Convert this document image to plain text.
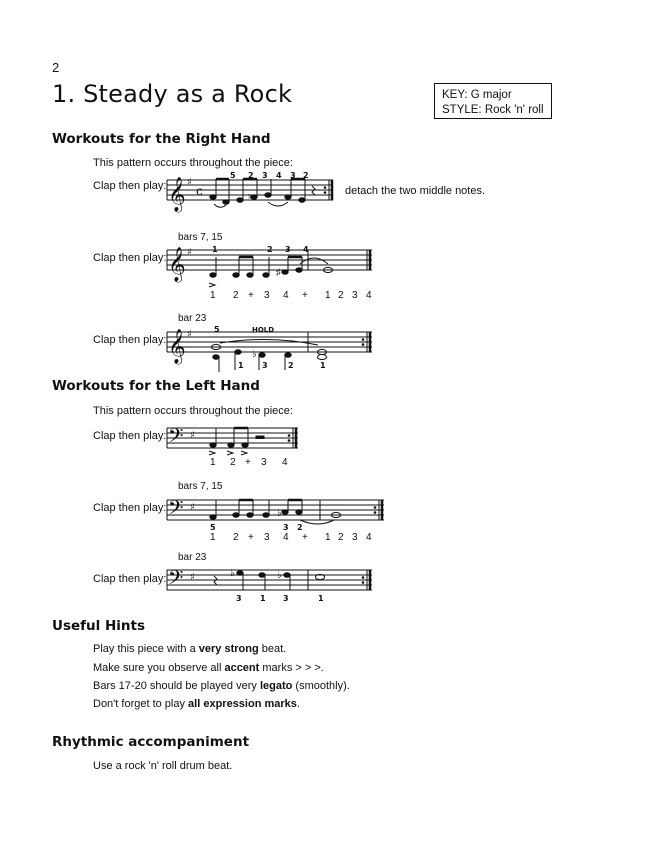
2
1. Steady as a Rock	KEY: G major
STYLE: Rock 'n' roll
Workouts for the Right Hand
This pattern occurs throughout the piece:
Clap then play: 𝄞
𝄞
𝄞
𝄢
𝄢
𝄢
♯
♯
♯
♯
♯
♯
c	♮
5 2 3 4 3 2
♯
1	2 3 4
♭
5	HOLD
1 3	2	1
♭
5	3 2
♭	♭
3 1 3	1
1 2 + 3 4 + 1 2 3 4
1 2 + 3 4
1 2 + 3 4 + 1 2 3 4
bars 7, 15
bar 23
bars 7, 15
bar 23
detach the two middle notes.
Clap then play:
Clap then play:
Workouts for the Left Hand
This pattern occurs throughout the piece:
Clap then play:
Clap then play:
Clap then play:
Useful Hints
Play this piece with a very strong beat.
Make sure you observe all accent marks > > >.
Bars 17-20 should be played very legato (smoothly).
Don't forget to play all expression marks.
Rhythmic accompaniment
Use a rock 'n' roll drum beat.
